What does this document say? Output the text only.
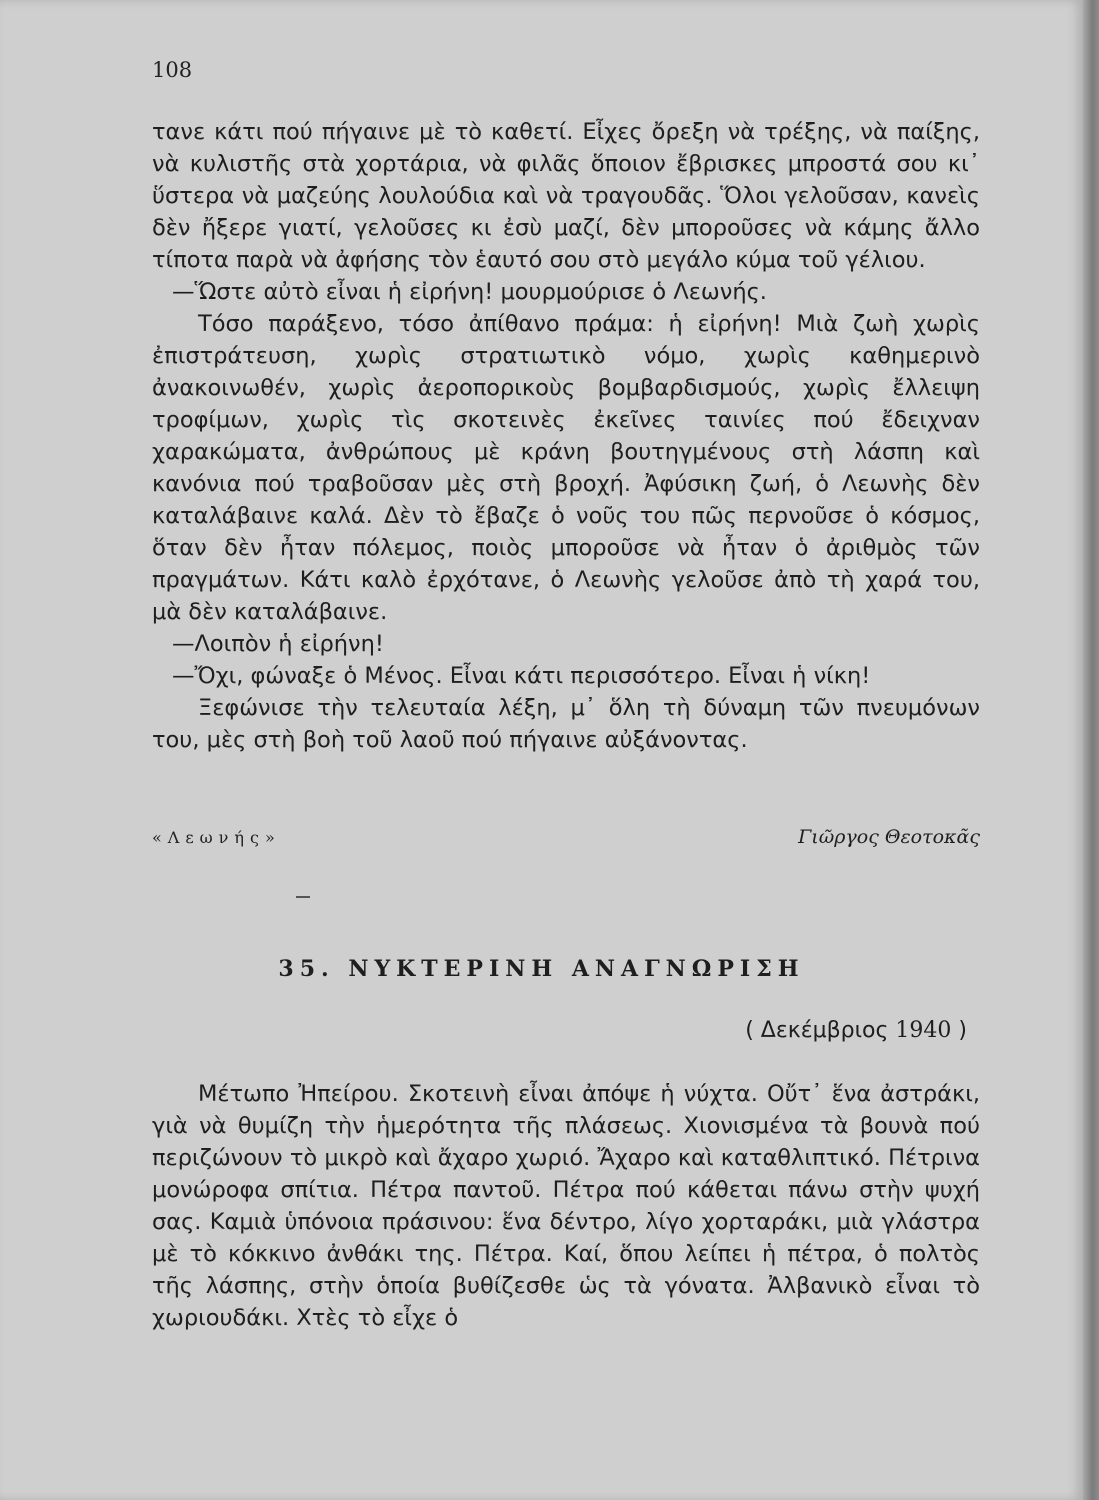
108

τανε κάτι πού πήγαινε μὲ τὸ καθετί. Εἶχες ὄρεξη νὰ τρέξης, νὰ παίξης, νὰ κυλιστῆς στὰ χορτάρια, νὰ φιλᾶς ὅποιον ἔβρισκες μπροστά σου κι᾽ ὕστερα νὰ μαζεύης λουλούδια καὶ νὰ τραγουδᾶς. Ὅλοι γελοῦσαν, κανεὶς δὲν ἤξερε γιατί, γελοῦσες κι ἐσὺ μαζί, δὲν μποροῦσες νὰ κάμης ἄλλο τίποτα παρὰ νὰ ἀφήσης τὸν ἑαυτό σου στὸ μεγάλο κύμα τοῦ γέλιου.

—Ὥστε αὐτὸ εἶναι ἡ εἰρήνη! μουρμούρισε ὁ Λεωνής.

Τόσο παράξενο, τόσο ἀπίθανο πράμα: ἡ εἰρήνη! Μιὰ ζωὴ χωρὶς ἐπιστράτευση, χωρὶς στρατιωτικὸ νόμο, χωρὶς καθημερινὸ ἀνακοινωθέν, χωρὶς ἀεροπορικοὺς βομβαρδισμούς, χωρὶς ἔλλειψη τροφίμων, χωρὶς τὶς σκοτεινὲς ἐκεῖνες ταινίες πού ἔδειχναν χαρακώματα, ἀνθρώπους μὲ κράνη βουτηγμένους στὴ λάσπη καὶ κανόνια πού τραβοῦσαν μὲς στὴ βροχή. Ἀφύσικη ζωή, ὁ Λεωνὴς δὲν καταλάβαινε καλά. Δὲν τὸ ἔβαζε ὁ νοῦς του πῶς περνοῦσε ὁ κόσμος, ὅταν δὲν ἦταν πόλεμος, ποιὸς μποροῦσε νὰ ἦταν ὁ ἀριθμὸς τῶν πραγμάτων. Κάτι καλὸ ἐρχότανε, ὁ Λεωνὴς γελοῦσε ἀπὸ τὴ χαρά του, μὰ δὲν καταλάβαινε.

—Λοιπὸν ἡ εἰρήνη!

—Ὄχι, φώναξε ὁ Μένος. Εἶναι κάτι περισσότερο. Εἶναι ἡ νίκη!

Ξεφώνισε τὴν τελευταία λέξη, μ᾽ ὅλη τὴ δύναμη τῶν πνευμόνων του, μὲς στὴ βοὴ τοῦ λαοῦ πού πήγαινε αὐξάνοντας.

«Λεωνής»	Γιῶργος Θεοτοκᾶς
35. ΝΥΚΤΕΡΙΝΗ ΑΝΑΓΝΩΡΙΣΗ
( Δεκέμβριος 1940 )

Μέτωπο Ἠπείρου. Σκοτεινὴ εἶναι ἀπόψε ἡ νύχτα. Οὔτ᾽ ἕνα ἀστράκι, γιὰ νὰ θυμίζη τὴν ἡμερότητα τῆς πλάσεως. Χιονισμένα τὰ βουνὰ πού περιζώνουν τὸ μικρὸ καὶ ἄχαρο χωριό. Ἄχαρο καὶ καταθλιπτικό. Πέτρινα μονώροφα σπίτια. Πέτρα παντοῦ. Πέτρα πού κάθεται πάνω στὴν ψυχή σας. Καμιὰ ὑπόνοια πράσινου: ἕνα δέντρο, λίγο χορταράκι, μιὰ γλάστρα μὲ τὸ κόκκινο ἀνθάκι της. Πέτρα. Καί, ὅπου λείπει ἡ πέτρα, ὁ πολτὸς τῆς λάσπης, στὴν ὁποία βυθίζεσθε ὡς τὰ γόνατα. Ἀλβανικὸ εἶναι τὸ χωριουδάκι. Χτὲς τὸ εἶχε ὁ
